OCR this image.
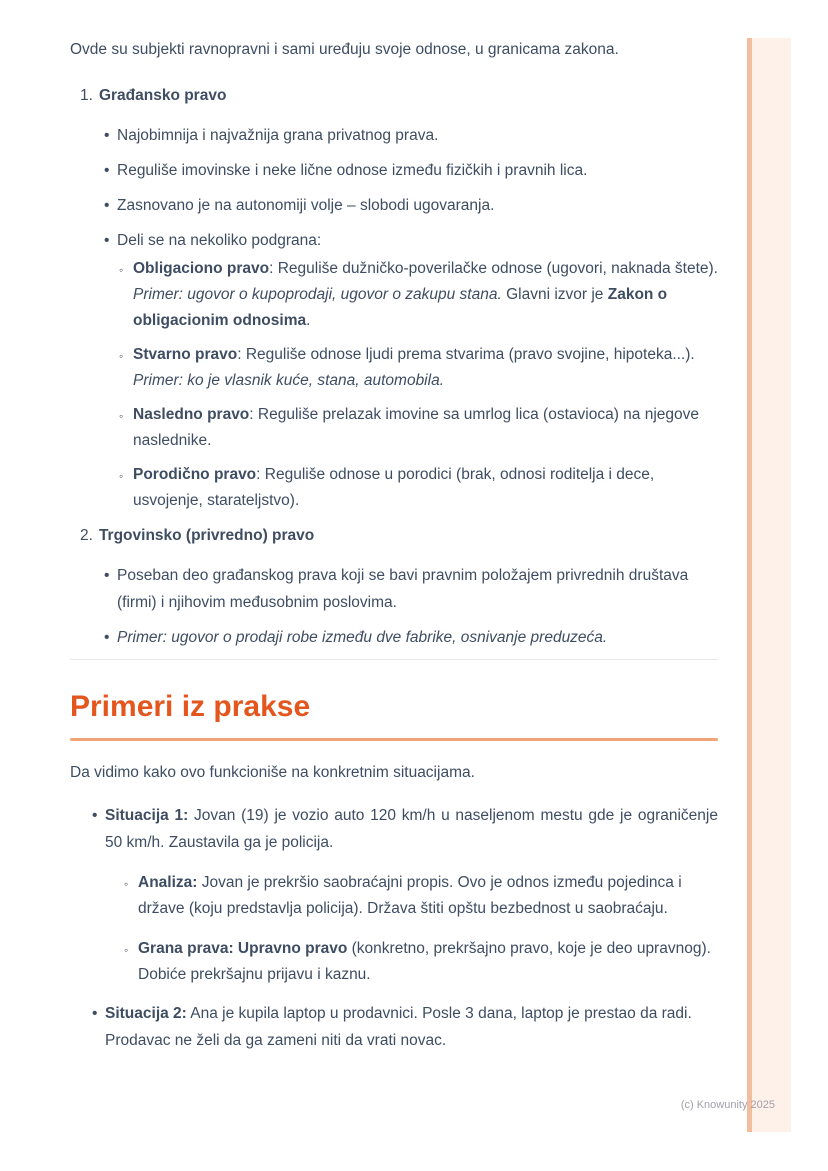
Ovde su subjekti ravnopravni i sami uređuju svoje odnose, u granicama zakona.

1. Građansko pravo
• Najobimnija i najvažnija grana privatnog prava.
• Reguliše imovinske i neke lične odnose između fizičkih i pravnih lica.
• Zasnovano je na autonomiji volje – slobodi ugovaranja.
• Deli se na nekoliko podgrana:
◦ Obligaciono pravo: Reguliše dužničko-poverilačke odnose (ugovori, naknada štete). Primer: ugovor o kupoprodaji, ugovor o zakupu stana. Glavni izvor je Zakon o obligacionim odnosima.
◦ Stvarno pravo: Reguliše odnose ljudi prema stvarima (pravo svojine, hipoteka...). Primer: ko je vlasnik kuće, stana, automobila.
◦ Nasledno pravo: Reguliše prelazak imovine sa umrlog lica (ostavioca) na njegove naslednike.
◦ Porodično pravo: Reguliše odnose u porodici (brak, odnosi roditelja i dece, usvojenje, starateljstvo).
2. Trgovinsko (privredno) pravo
• Poseban deo građanskog prava koji se bavi pravnim položajem privrednih društava (firmi) i njihovim međusobnim poslovima.
• Primer: ugovor o prodaji robe između dve fabrike, osnivanje preduzeća.
Primeri iz prakse

Da vidimo kako ovo funkcioniše na konkretnim situacijama.

• Situacija 1: Jovan (19) je vozio auto 120 km/h u naseljenom mestu gde je ograničenje 50 km/h. Zaustavila ga je policija.
◦ Analiza: Jovan je prekršio saobraćajni propis. Ovo je odnos između pojedinca i države (koju predstavlja policija). Država štiti opštu bezbednost u saobraćaju.
◦ Grana prava: Upravno pravo (konkretno, prekršajno pravo, koje je deo upravnog). Dobiće prekršajnu prijavu i kaznu.
• Situacija 2: Ana je kupila laptop u prodavnici. Posle 3 dana, laptop je prestao da radi. Prodavac ne želi da ga zameni niti da vrati novac.
(c) Knowunity 2025
